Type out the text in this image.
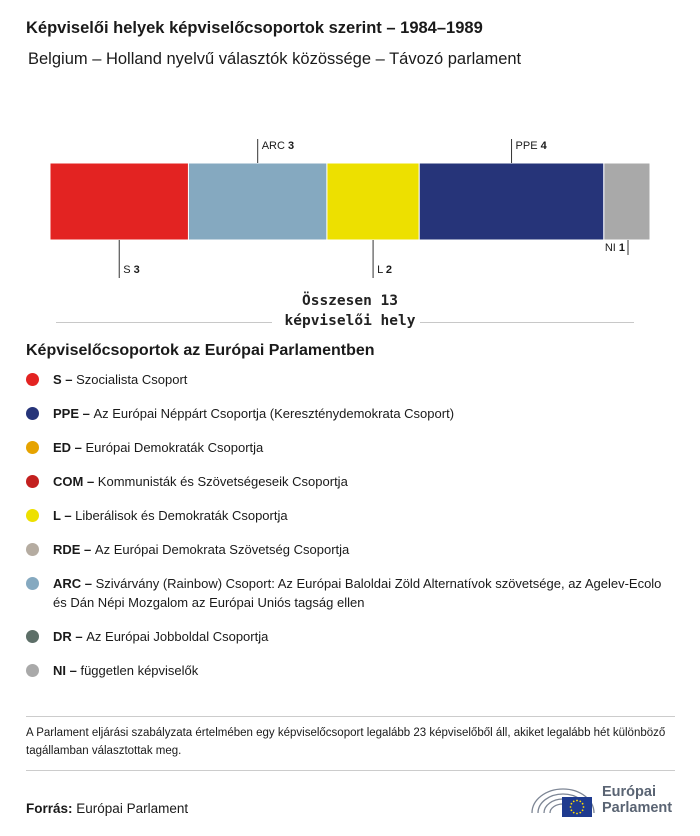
Képviselői helyek képviselőcsoportok szerint – 1984–1989
Belgium – Holland nyelvű választók közössége – Távozó parlament
S 3
ARC 3
L 2
PPE 4
NI 1
Összesen 13 képviselői hely
Képviselőcsoportok az Európai Parlamentben
S – Szocialista Csoport
PPE – Az Európai Néppárt Csoportja (Kereszténydemokrata Csoport)
ED – Európai Demokraták Csoportja
COM – Kommunisták és Szövetségeseik Csoportja
L – Liberálisok és Demokraták Csoportja
RDE – Az Európai Demokrata Szövetség Csoportja
ARC – Szivárvány (Rainbow) Csoport: Az Európai Baloldai Zöld Alternatívok szövetsége, az Agelev-Ecolo és Dán Népi Mozgalom az Európai Uniós tagság ellen
DR – Az Európai Jobboldal Csoportja
NI – független képviselők
A Parlament eljárási szabályzata értelmében egy képviselőcsoport legalább 23 képviselőből áll, akiket legalább hét különböző tagállamban választottak meg.
Forrás: Európai Parlament
Európai
Parlament
